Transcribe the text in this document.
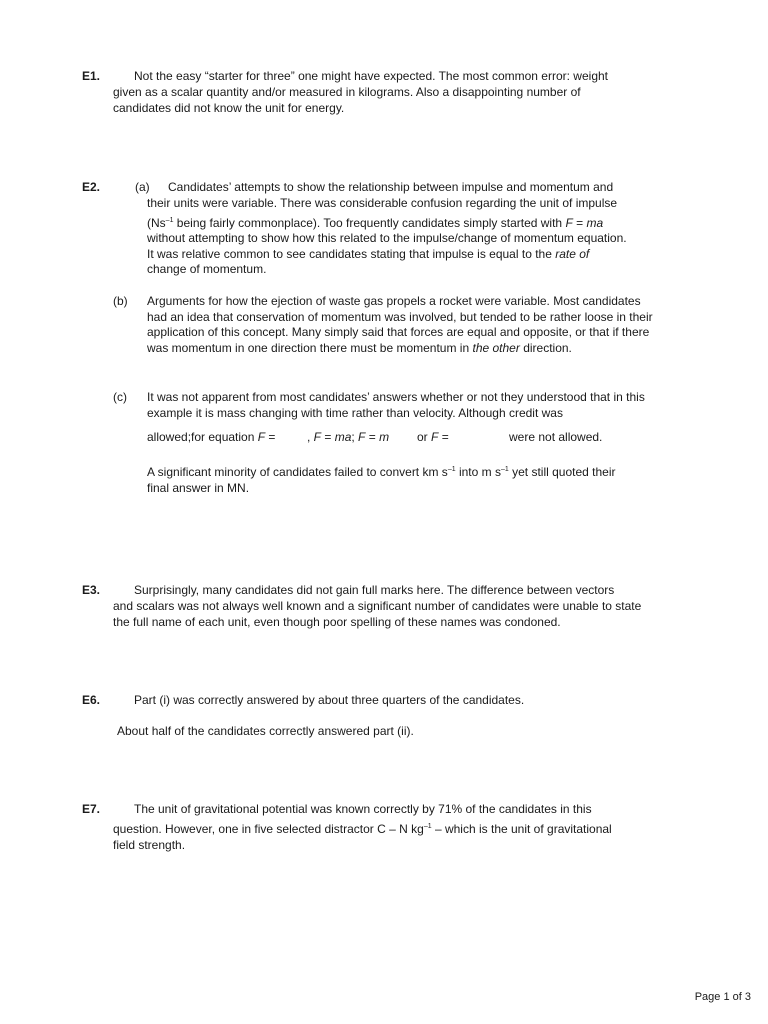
E1.	Not the easy “starter for three” one might have expected. The most common error: weight

given as a scalar quantity and/or measured in kilograms. Also a disappointing number of candidates did not know the unit for energy.

E2.	(a) Candidates’ attempts to show the relationship between impulse and momentum and

their units were variable. There was considerable confusion regarding the unit of impulse
($Ns^{-1}$ being fairly commonplace). Too frequently candidates simply started with F = ma
without attempting to show how this related to the impulse/change of momentum equation.
It was relative common to see candidates stating that impulse is equal to the rate of
change of momentum.
(b) Arguments for how the ejection of waste gas propels a rocket were variable. Most candidates had an idea that conservation of momentum was involved, but tended to be rather loose in their application of this concept. Many simply said that forces are equal and opposite, or that if there was momentum in one direction there must be momentum in the other direction.

(c) It was not apparent from most candidates’ answers whether or not they understood that in this example it is mass changing with time rather than velocity. Although credit was

allowed;for equation F =	, F = ma; F = m or F =	were not allowed.
A significant minority of candidates failed to convert km $s^{-1}$ into m $s^{-1}$ yet still quoted their
final answer in MN.
E3.	Surprisingly, many candidates did not gain full marks here. The difference between vectors

and scalars was not always well known and a significant number of candidates were unable to state the full name of each unit, even though poor spelling of these names was condoned.

E6.	Part (i) was correctly answered by about three quarters of the candidates.

About half of the candidates correctly answered part (ii).

E7.	The unit of gravitational potential was known correctly by 71% of the candidates in this

question. However, one in five selected distractor C – N $kg^{-1}$ – which is the unit of gravitational
field strength.
Page 1 of 3
